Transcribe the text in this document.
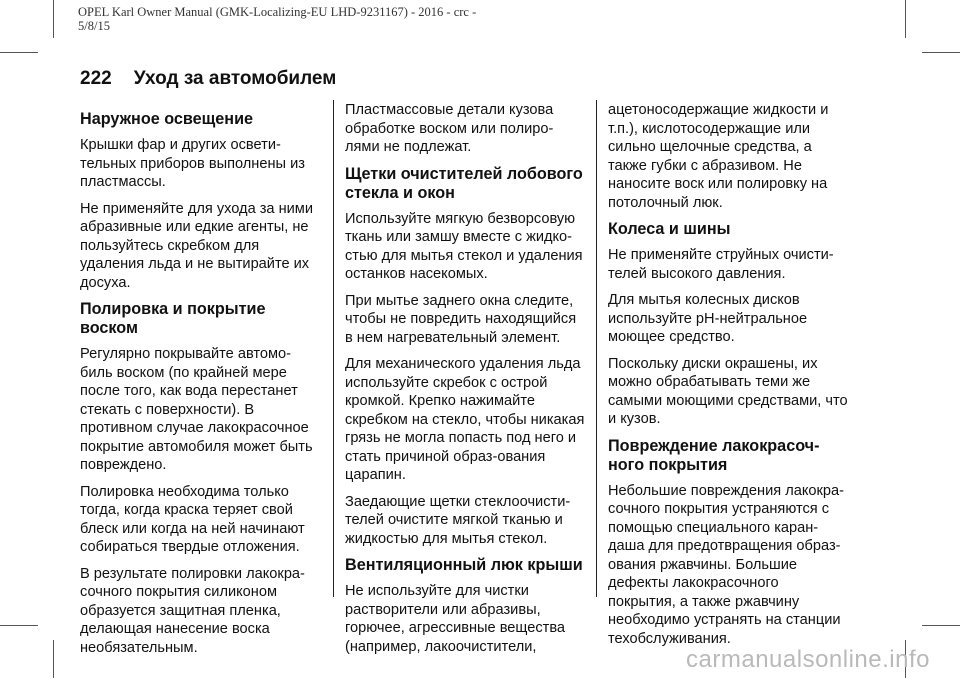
OPEL Karl Owner Manual (GMK-Localizing-EU LHD-9231167) - 2016 - crc -
5/8/15
222 Уход за автомобилем
Наружное освещение

Крышки фар и других освети-тельных приборов выполнены из пластмассы.

Не применяйте для ухода за ними абразивные или едкие агенты, не пользуйтесь скребком для удаления льда и не вытирайте их досуха.

Полировка и покрытие
воском

Регулярно покрывайте автомо-биль воском (по крайней мере после того, как вода перестанет стекать с поверхности). В противном случае лакокрасочное покрытие автомобиля может быть повреждено.

Полировка необходима только тогда, когда краска теряет свой блеск или когда на ней начинают собираться твердые отложения.

В результате полировки лакокра-сочного покрытия силиконом образуется защитная пленка, делающая нанесение воска необязательным.

Пластмассовые детали кузова обработке воском или полиро-лями не подлежат.

Щетки очистителей лобового
стекла и окон

Используйте мягкую безворсовую ткань или замшу вместе с жидко-стью для мытья стекол и удаления останков насекомых.

При мытье заднего окна следите, чтобы не повредить находящийся в нем нагревательный элемент.

Для механического удаления льда используйте скребок с острой кромкой. Крепко нажимайте скребком на стекло, чтобы никакая грязь не могла попасть под него и стать причиной образ-ования царапин.

Заедающие щетки стеклоочисти-телей очистите мягкой тканью и жидкостью для мытья стекол.

Вентиляционный люк крыши

Не используйте для чистки растворители или абразивы, горючее, агрессивные вещества (например, лакоочистители,

ацетоносодержащие жидкости и т.п.), кислотосодержащие или сильно щелочные средства, а также губки с абразивом. Не наносите воск или полировку на потолочный люк.

Колеса и шины

Не применяйте струйных очисти-телей высокого давления.

Для мытья колесных дисков используйте pH-нейтральное моющее средство.

Поскольку диски окрашены, их можно обрабатывать теми же самыми моющими средствами, что и кузов.

Повреждение лакокрасоч-
ного покрытия

Небольшие повреждения лакокра-сочного покрытия устраняются с помощью специального каран-даша для предотвращения образ-ования ржавчины. Большие дефекты лакокрасочного покрытия, а также ржавчину необходимо устранять на станции техобслуживания.

carmanualsonline.info
